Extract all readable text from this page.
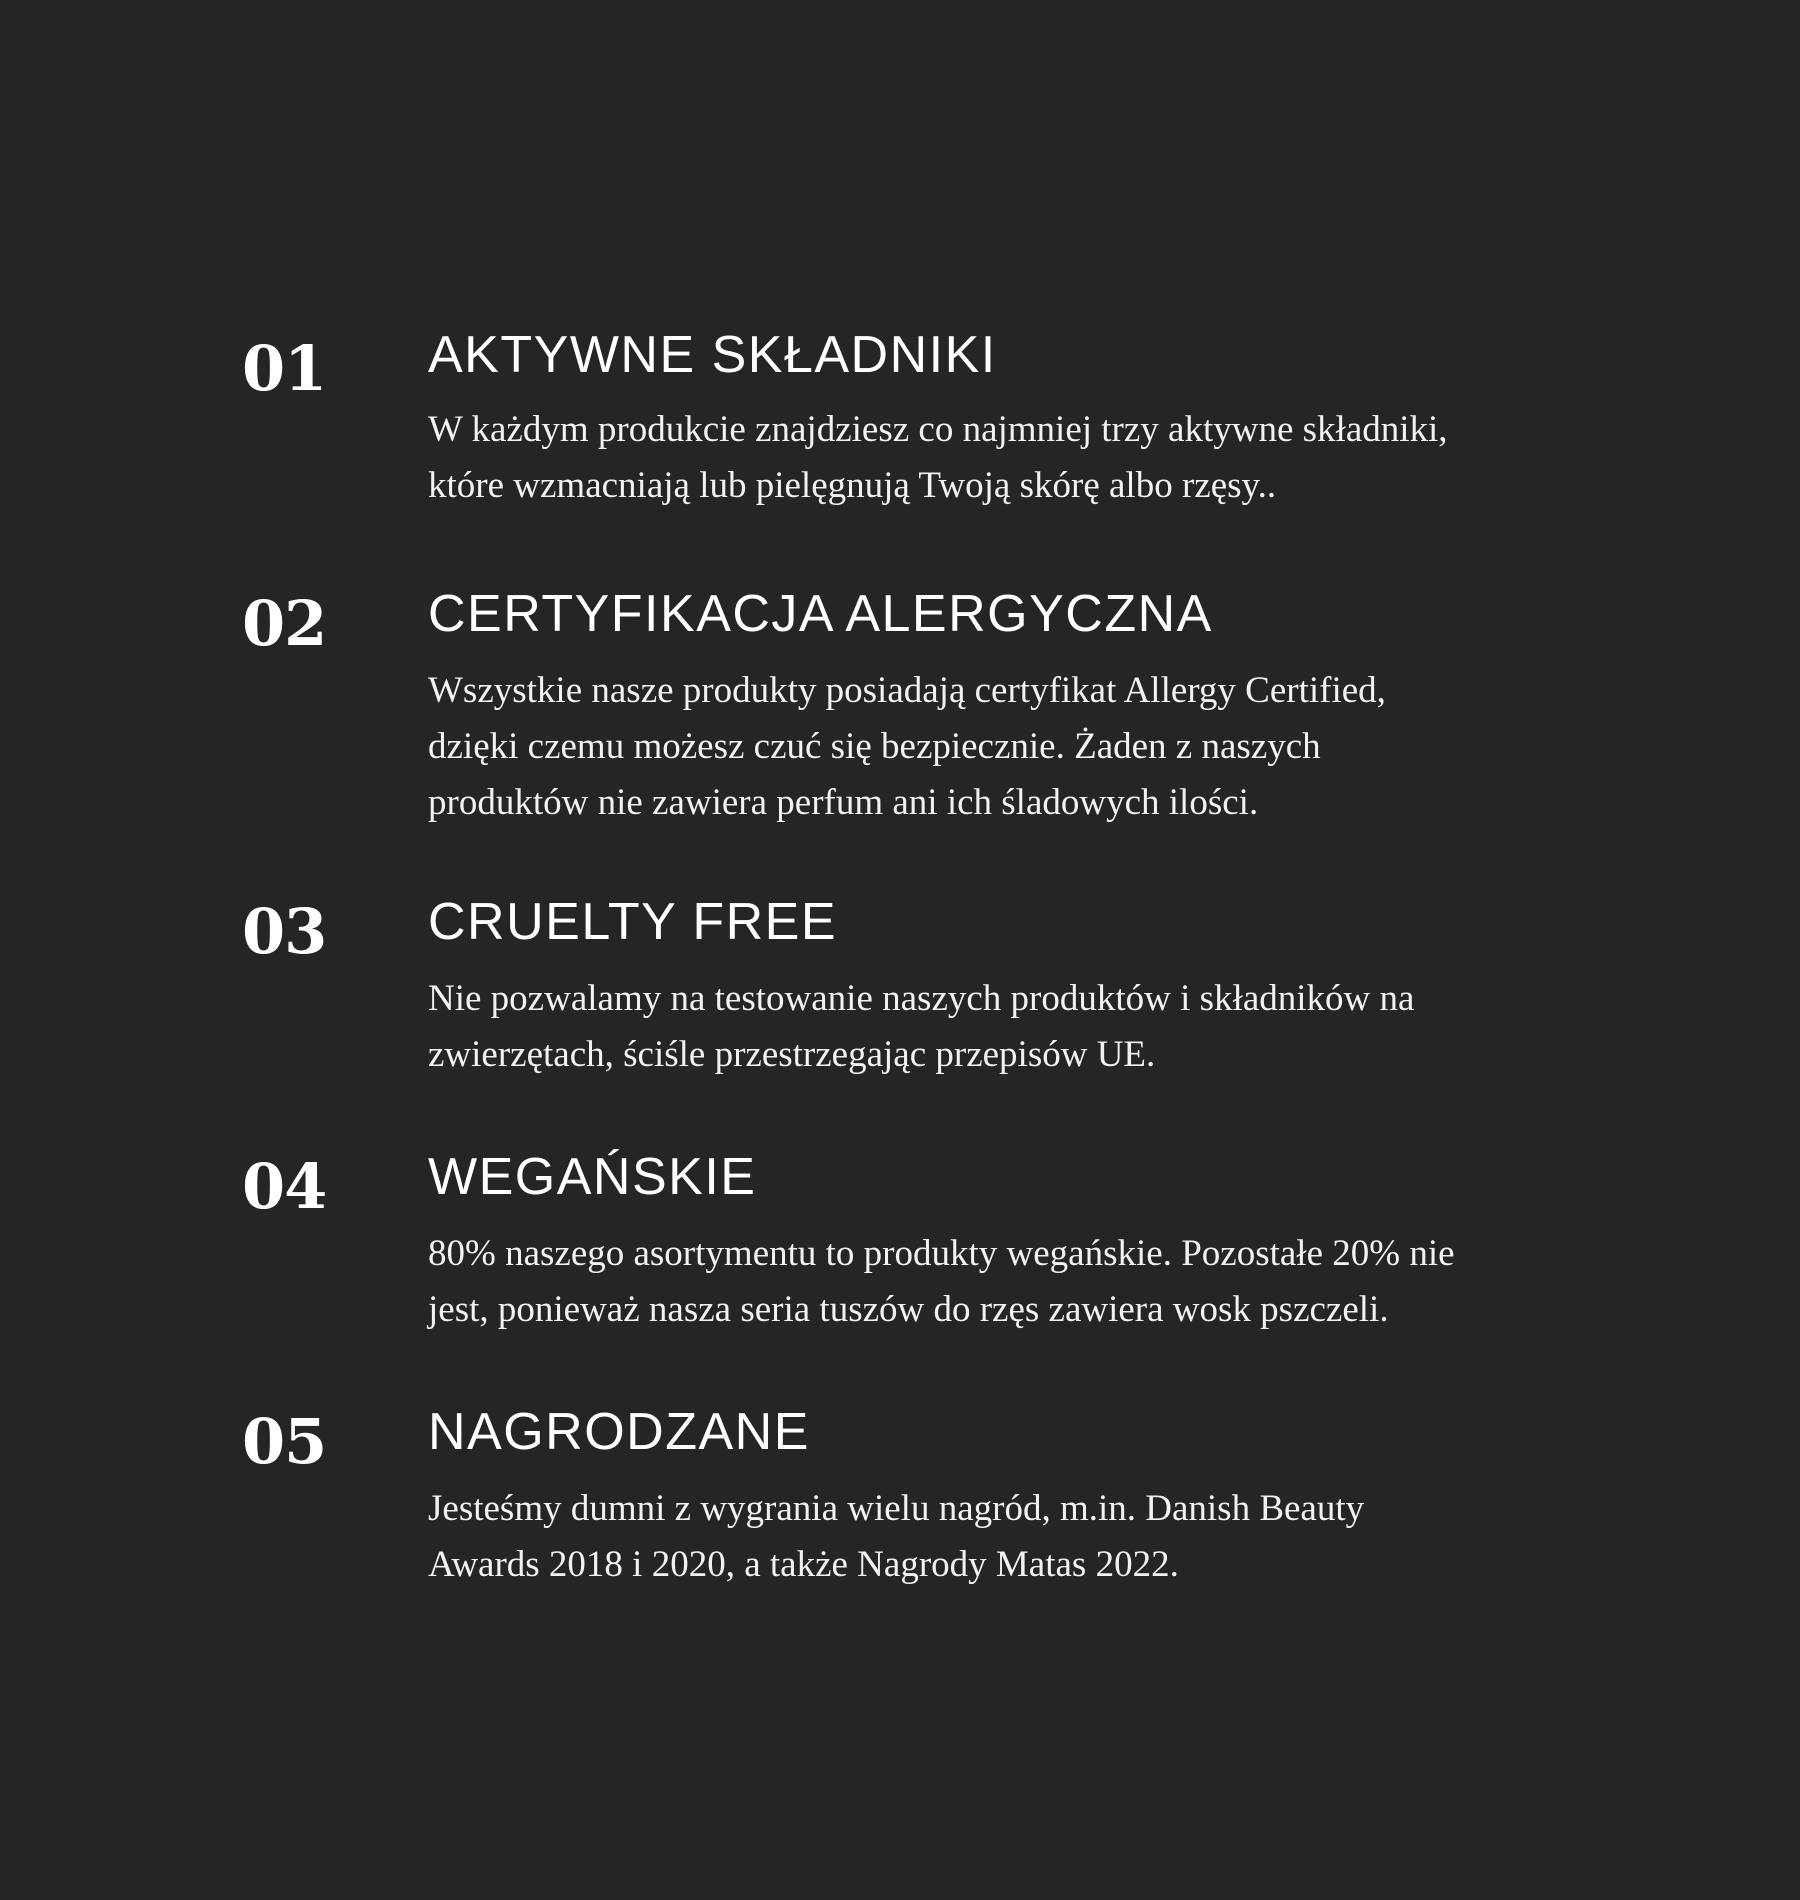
01 AKTYWNE SKŁADNIKI

W każdym produkcie znajdziesz co najmniej trzy aktywne składniki,
które wzmacniają lub pielęgnują Twoją skórę albo rzęsy..

02 CERTYFIKACJA ALERGYCZNA

Wszystkie nasze produkty posiadają certyfikat Allergy Certified,
dzięki czemu możesz czuć się bezpiecznie. Żaden z naszych
produktów nie zawiera perfum ani ich śladowych ilości.

03 CRUELTY FREE

Nie pozwalamy na testowanie naszych produktów i składników na
zwierzętach, ściśle przestrzegając przepisów UE.

04 WEGAŃSKIE

80% naszego asortymentu to produkty wegańskie. Pozostałe 20% nie
jest, ponieważ nasza seria tuszów do rzęs zawiera wosk pszczeli.

05 NAGRODZANE

Jesteśmy dumni z wygrania wielu nagród, m.in. Danish Beauty
Awards 2018 i 2020, a także Nagrody Matas 2022.
